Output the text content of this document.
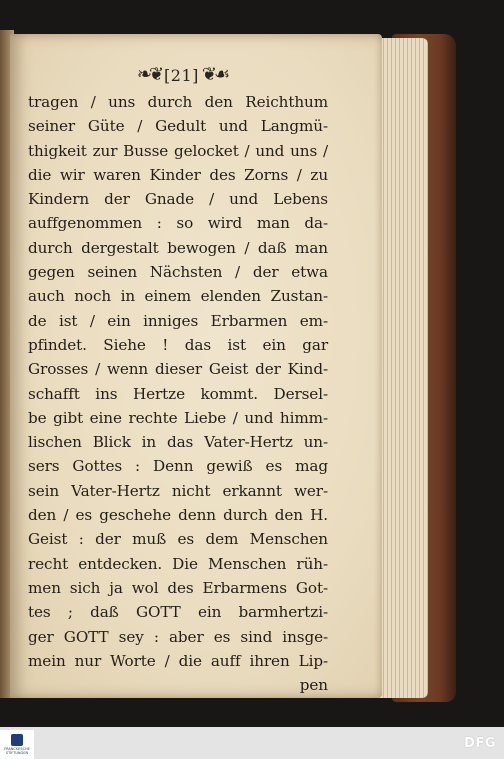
❧❦ [21] ❦☙
tragen / uns durch den Reichthum
seiner Güte / Gedult und Langmü-
thigkeit zur Busse gelocket / und uns /
die wir waren Kinder des Zorns / zu
Kindern der Gnade / und Lebens
auffgenommen : so wird man da-
durch dergestalt bewogen / daß man
gegen seinen Nächsten / der etwa
auch noch in einem elenden Zustan-
de ist / ein inniges Erbarmen em-
pfindet. Siehe ! das ist ein gar
Grosses / wenn dieser Geist der Kind-
schafft ins Hertze kommt. Dersel-
be gibt eine rechte Liebe / und himm-
lischen Blick in das Vater-Hertz un-
sers Gottes : Denn gewiß es mag
sein Vater-Hertz nicht erkannt wer-
den / es geschehe denn durch den H.
Geist : der muß es dem Menschen
recht entdecken. Die Menschen rüh-
men sich ja wol des Erbarmens Got-
tes ; daß GOTT ein barmhertzi-
ger GOTT sey : aber es sind insge-
mein nur Worte / die auff ihren Lip-
pen
FRANCKESCHE STIFTUNGEN
DFG
